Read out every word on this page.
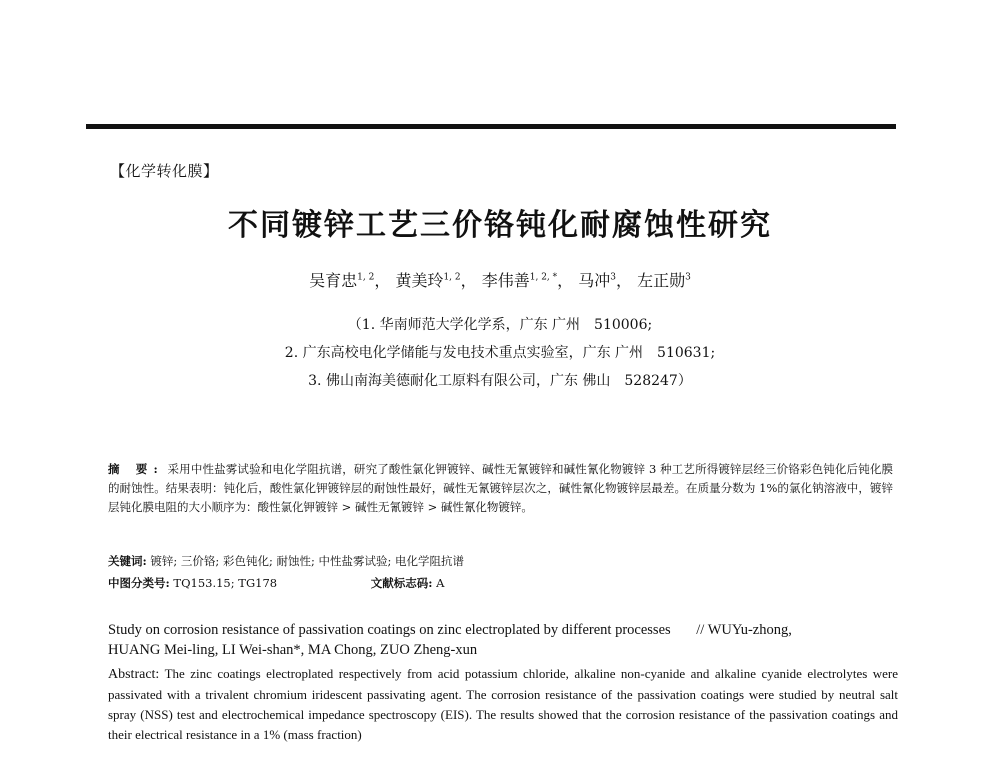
【化学转化膜】
不同镀锌工艺三价铬钝化耐腐蚀性研究
吴育忠$^{1, 2}$， 黄美玲$^{1, 2}$， 李伟善$^{1, 2, *}$， 马冲$^3$， 左正勋$^3$
（1. 华南师范大学化学系，广东 广州　510006;
2. 广东高校电化学储能与发电技术重点实验室，广东 广州　510631;
3. 佛山南海美德耐化工原料有限公司，广东 佛山　528247）
摘 要: 采用中性盐雾试验和电化学阻抗谱，研究了酸性氯化钾镀锌、碱性无氰镀锌和碱性氰化物镀锌 3 种工艺所得镀锌层经三价铬彩色钝化后钝化膜的耐蚀性。结果表明：钝化后，酸性氯化钾镀锌层的耐蚀性最好，碱性无氰镀锌层次之，碱性氰化物镀锌层最差。在质量分数为 1%的氯化钠溶液中，镀锌层钝化膜电阻的大小顺序为：酸性氯化钾镀锌 > 碱性无氰镀锌 > 碱性氰化物镀锌。
关键词: 镀锌; 三价铬; 彩色钝化; 耐蚀性; 中性盐雾试验; 电化学阻抗谱
中图分类号: TQ153.15; TG178	文献标志码: A
Study on corrosion resistance of passivation coatings on zinc electroplated by different processes // WUYu-zhong,
HUANG Mei-ling, LI Wei-shan*, MA Chong, ZUO Zheng-xun
Abstract: The zinc coatings electroplated respectively from acid potassium chloride, alkaline non-cyanide and alkaline cyanide electrolytes were passivated with a trivalent chromium iridescent passivating agent. The corrosion resistance of the passivation coatings were studied by neutral salt spray (NSS) test and electrochemical impedance spectroscopy (EIS). The results showed that the corrosion resistance of the passivation coatings and their electrical resistance in a 1% (mass fraction)
